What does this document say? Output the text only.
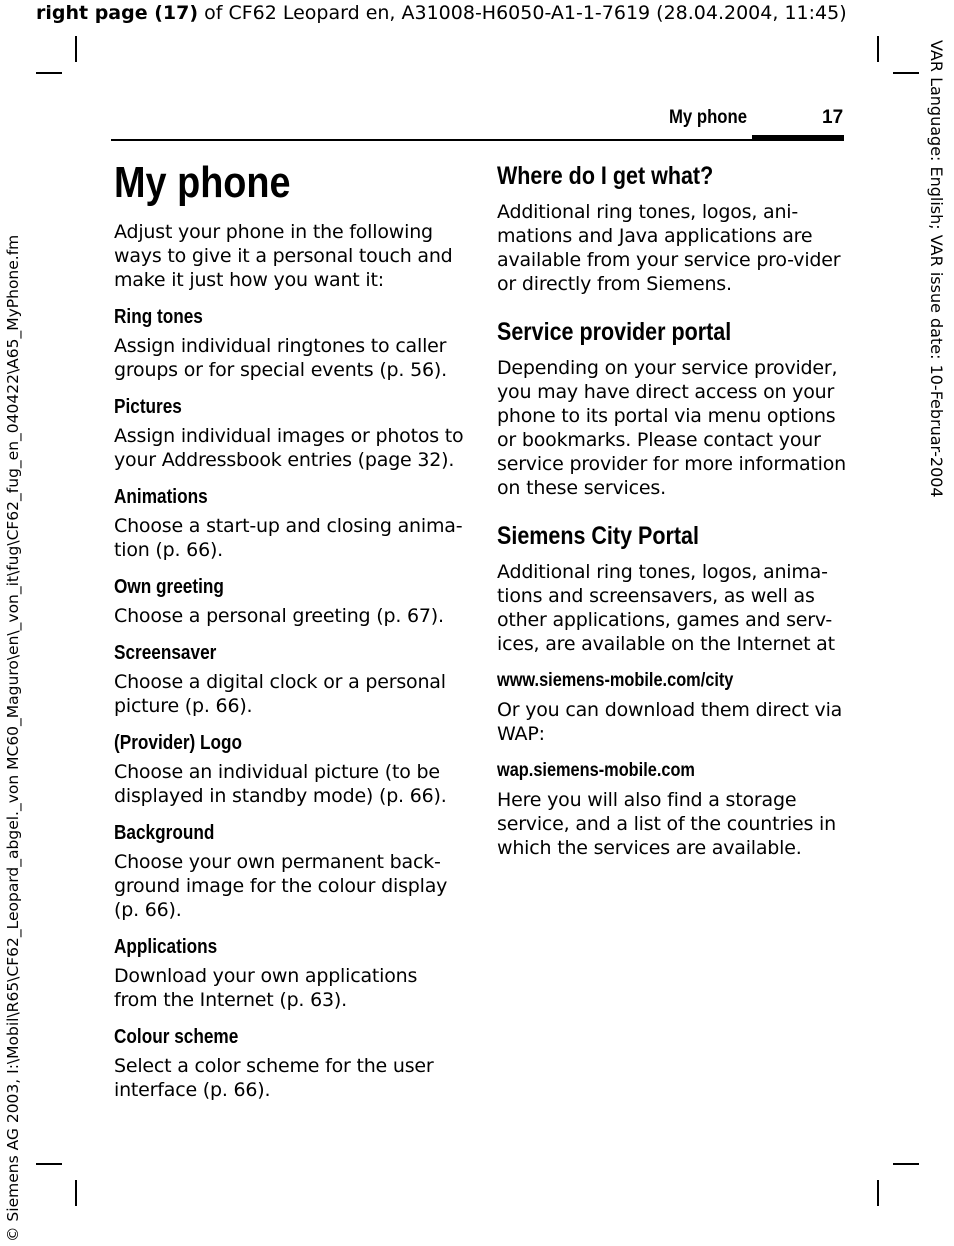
right page (17) of CF62 Leopard en, A31008-H6050-A1-1-7619 (28.04.2004, 11:45)
© Siemens AG 2003, I:\Mobil\R65\CF62_Leopard_abgel._von MC60_Maguro\en\_von_it\fug\CF62_fug_en_040422\A65_MyPhone.fm	VAR Language: English; VAR issue date: 10-Februar-2004
My phone	17
My phone

Adjust your phone in the following ways to give it a personal touch and make it just how you want it:

Ring tones

Assign individual ringtones to caller groups or for special events (p. 56).

Pictures

Assign individual images or photos to your Addressbook entries (page 32).

Animations

Choose a start-up and closing anima-tion (p. 66).

Own greeting

Choose a personal greeting (p. 67).

Screensaver

Choose a digital clock or a personal picture (p. 66).

(Provider) Logo

Choose an individual picture (to be displayed in standby mode) (p. 66).

Background

Choose your own permanent back-ground image for the colour display (p. 66).

Applications

Download your own applications from the Internet (p. 63).

Colour scheme

Select a color scheme for the user interface (p. 66).

Where do I get what?

Additional ring tones, logos, ani-mations and Java applications are available from your service pro-vider or directly from Siemens.

Service provider portal

Depending on your service provider, you may have direct access on your phone to its portal via menu options or bookmarks. Please contact your service provider for more information on these services.

Siemens City Portal

Additional ring tones, logos, anima-tions and screensavers, as well as other applications, games and serv-ices, are available on the Internet at

www.siemens-mobile.com/city

Or you can download them direct via WAP:

wap.siemens-mobile.com

Here you will also find a storage service, and a list of the countries in which the services are available.
